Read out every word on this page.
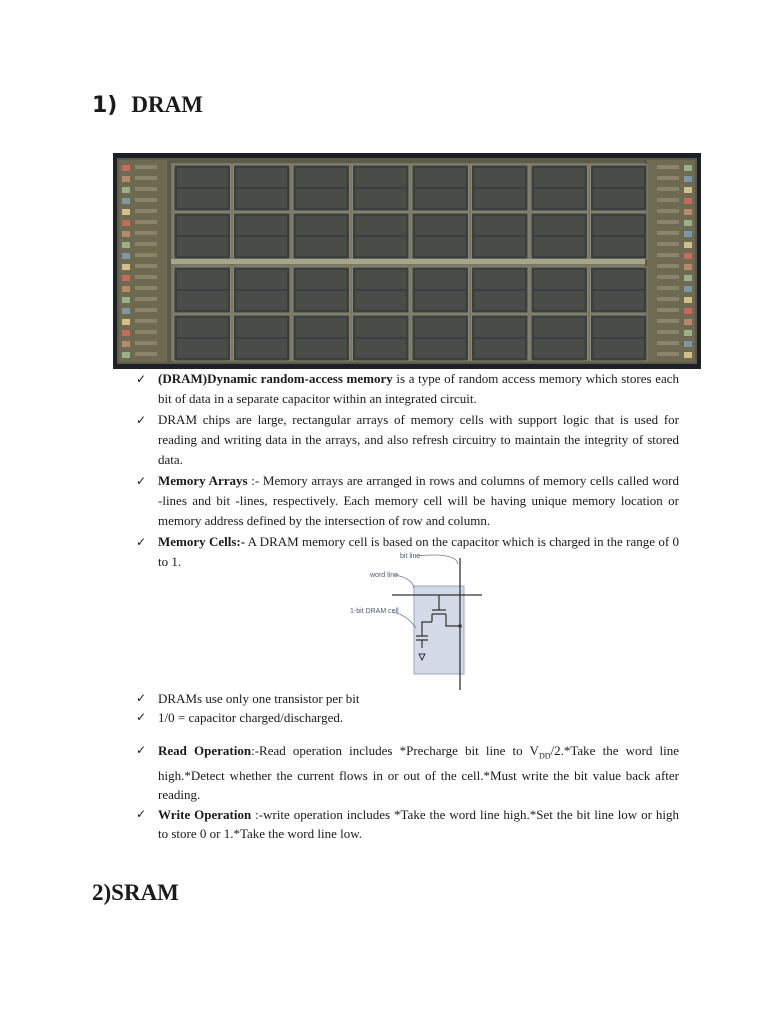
1) DRAM
✓ (DRAM)Dynamic random-access memory is a type of random access memory which stores each bit of data in a separate capacitor within an integrated circuit.
✓ DRAM chips are large, rectangular arrays of memory cells with support logic that is used for reading and writing data in the arrays, and also refresh circuitry to maintain the integrity of stored data.
✓ Memory Arrays :- Memory arrays are arranged in rows and columns of memory cells called word -lines and bit -lines, respectively. Each memory cell will be having unique memory location or memory address defined by the intersection of row and column.
✓ Memory Cells:- A DRAM memory cell is based on the capacitor which is charged in the range of 0 to 1.	bit line
word line
1-bit DRAM cell
✓ DRAMs use only one transistor per bit
✓ 1/0 = capacitor charged/discharged.
✓ Read Operation:-Read operation includes *Precharge bit line to $V_{DD}/2.*Take$ the word line high.*Detect whether the current flows in or out of the cell.*Must write the bit value back after reading.
✓ Write Operation :-write operation includes *Take the word line high.*Set the bit line low or high to store 0 or 1.*Take the word line low.
2)SRAM
